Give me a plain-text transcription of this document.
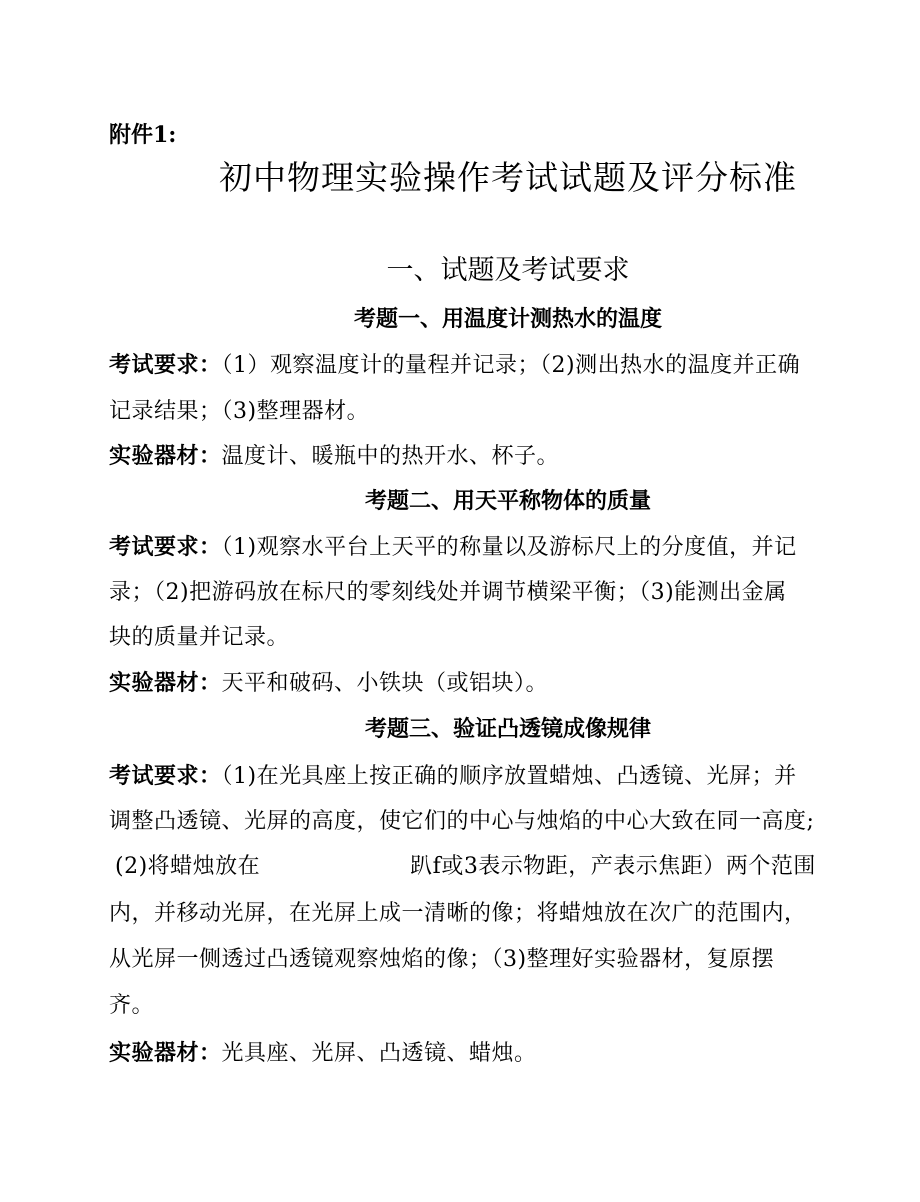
附件1:
初中物理实验操作考试试题及评分标准
一、试题及考试要求
考题一、用温度计测热水的温度
考试要求：（1）观察温度计的量程并记录；（2)测出热水的温度并正确
记录结果；（3)整理器材。
实验器材：温度计、暖瓶中的热开水、杯子。
考题二、用天平称物体的质量
考试要求：（1)观察水平台上天平的称量以及游标尺上的分度值，并记
录；（2)把游码放在标尺的零刻线处并调节横梁平衡；（3)能测出金属
块的质量并记录。
实验器材：天平和破码、小铁块（或铝块）。
考题三、验证凸透镜成像规律
考试要求：（1)在光具座上按正确的顺序放置蜡烛、凸透镜、光屏；并
调整凸透镜、光屏的高度，使它们的中心与烛焰的中心大致在同一高度;
(2)将蜡烛放在	趴f或3表示物距，产表示焦距）两个范围
内，并移动光屏，在光屏上成一清晰的像；将蜡烛放在次广的范围内，
从光屏一侧透过凸透镜观察烛焰的像；（3)整理好实验器材，复原摆
齐。
实验器材：光具座、光屏、凸透镜、蜡烛。
